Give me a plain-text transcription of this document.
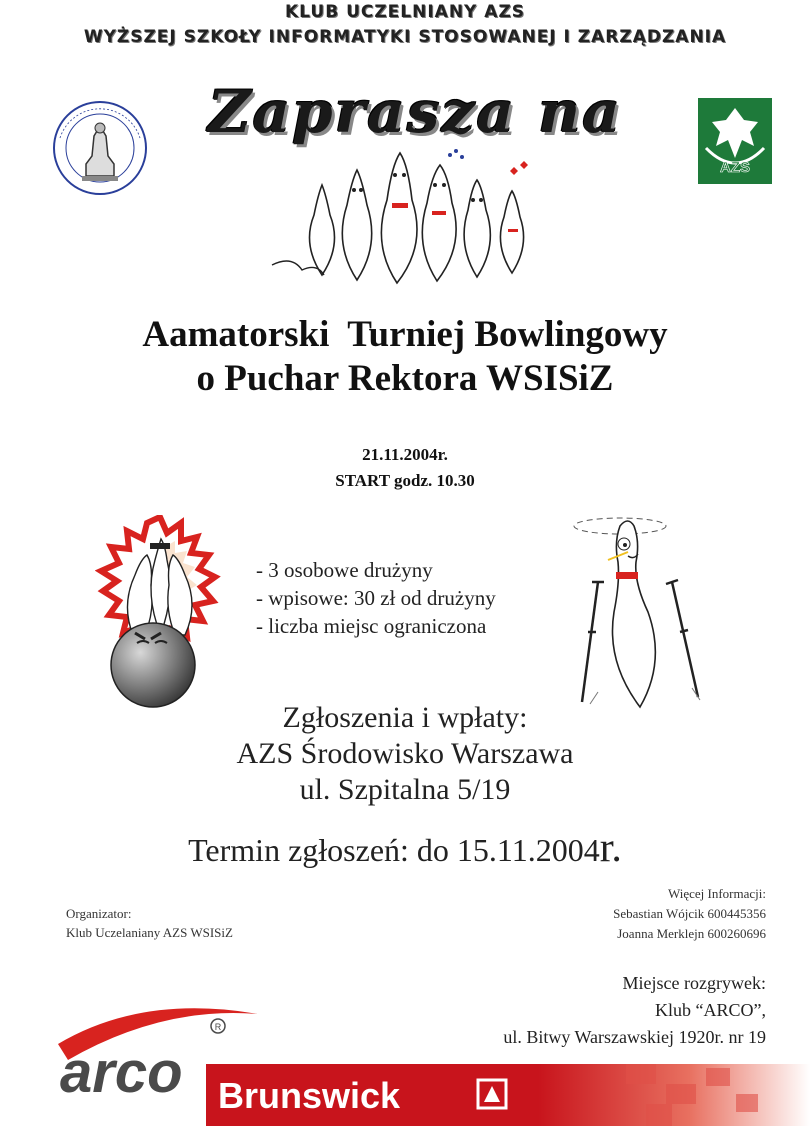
KLUB UCZELNIANY AZS
WYŻSZEJ SZKOŁY INFORMATYKI STOSOWANEJ I ZARZĄDZANIA
Zaprasza na
AZS
Aamatorski  Turniej Bowlingowy
o Puchar Rektora WSISiZ
21.11.2004r.
START godz. 10.30
- 3 osobowe drużyny
- wpisowe: 30 zł od drużyny
- liczba miejsc ograniczona
Zgłoszenia i wpłaty:
AZS Środowisko Warszawa
ul. Szpitalna 5/19
Termin zgłoszeń: do 15.11.2004r.
Organizator:
Klub Uczelaniany AZS WSISiZ
Więcej Informacji:
Sebastian Wójcik 600445356
Joanna Merklejn 600260696
Miejsce rozgrywek:
Klub “ARCO”,
ul. Bitwy Warszawskiej 1920r. nr 19
arco
R
Brunswick
